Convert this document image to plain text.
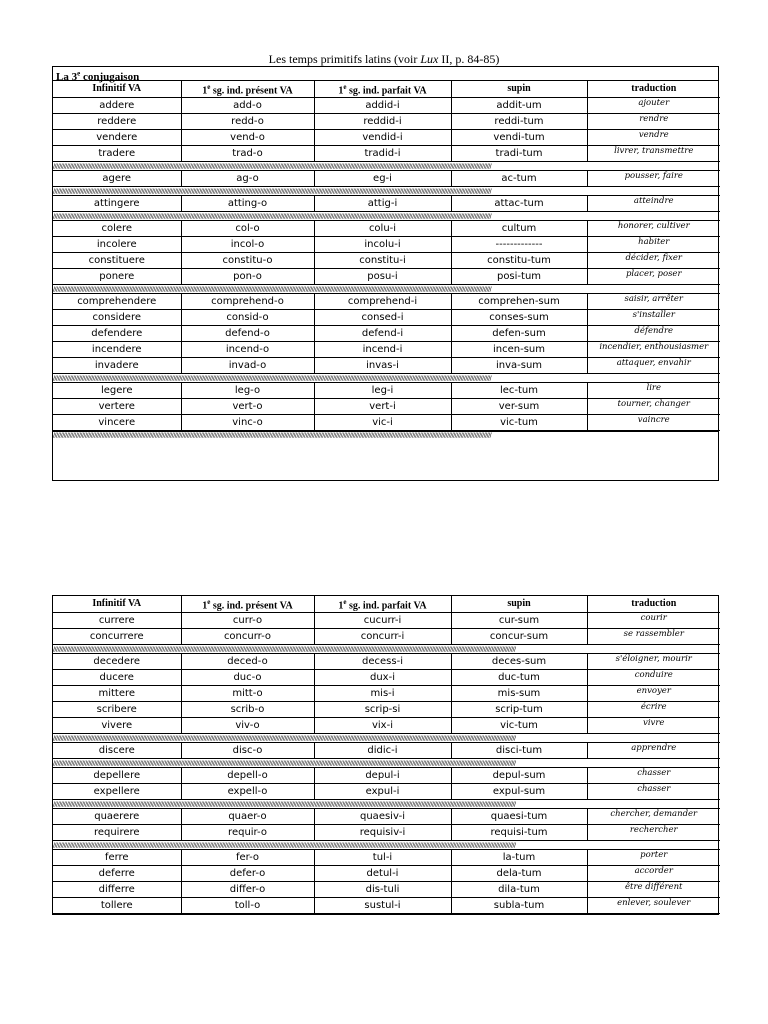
Les temps primitifs latins (voir Lux II, p. 84-85)
La 3e conjugaison
Infinitif VA	1e sg. ind. présent VA	1e sg. ind. parfait VA	supin	traduction
addere	add-o	addid-i	addit-um	ajouter
reddere	redd-o	reddid-i	reddi-tum	rendre
vendere	vend-o	vendid-i	vendi-tum	vendre
tradere	trad-o	tradid-i	tradi-tum	livrer, transmettre
////////////////////////////////////////////////////////////////////////////////////////////////////////////////////////////////////////////////////////////////////////////////////////////////////////////////////////////////////////////////////////////////////////////////////////////////				
agere	ag-o	eg-i	ac-tum	pousser, faire
////////////////////////////////////////////////////////////////////////////////////////////////////////////////////////////////////////////////////////////////////////////////////////////////////////////////////////////////////////////////////////////////////////////////////////////////				
attingere	atting-o	attig-i	attac-tum	atteindre
////////////////////////////////////////////////////////////////////////////////////////////////////////////////////////////////////////////////////////////////////////////////////////////////////////////////////////////////////////////////////////////////////////////////////////////////				
colere	col-o	colu-i	cultum	honorer, cultiver
incolere	incol-o	incolu-i	-------------	habiter
constituere	constitu-o	constitu-i	constitu-tum	décider, fixer
ponere	pon-o	posu-i	posi-tum	placer, poser
////////////////////////////////////////////////////////////////////////////////////////////////////////////////////////////////////////////////////////////////////////////////////////////////////////////////////////////////////////////////////////////////////////////////////////////////				
comprehendere	comprehend-o	comprehend-i	comprehen-sum	saisir, arrêter
considere	consid-o	consed-i	conses-sum	s'installer
defendere	defend-o	defend-i	defen-sum	défendre
incendere	incend-o	incend-i	incen-sum	incendier, enthousiasmer
invadere	invad-o	invas-i	inva-sum	attaquer, envahir
////////////////////////////////////////////////////////////////////////////////////////////////////////////////////////////////////////////////////////////////////////////////////////////////////////////////////////////////////////////////////////////////////////////////////////////////				
legere	leg-o	leg-i	lec-tum	lire
vertere	vert-o	vert-i	ver-sum	tourner, changer
vincere	vinc-o	vic-i	vic-tum	vaincre
////////////////////////////////////////////////////////////////////////////////////////////////////////////////////////////////////////////////////////////////////////////////////////////////////////////////////////////////////////////////////////////////////////////////////////////////
Infinitif VA	1e sg. ind. présent VA	1e sg. ind. parfait VA	supin	traduction
currere	curr-o	cucurr-i	cur-sum	courir
concurrere	concurr-o	concurr-i	concur-sum	se rassembler
////////////////////////////////////////////////////////////////////////////////////////////////////////////////////////////////////////////////////////////////////////////////////////////////////////////////////////////////////////////////////////////////////////////////////////////////////////////////				
decedere	deced-o	decess-i	deces-sum	s'éloigner, mourir
ducere	duc-o	dux-i	duc-tum	conduire
mittere	mitt-o	mis-i	mis-sum	envoyer
scribere	scrib-o	scrip-si	scrip-tum	écrire
vivere	viv-o	vix-i	vic-tum	vivre
////////////////////////////////////////////////////////////////////////////////////////////////////////////////////////////////////////////////////////////////////////////////////////////////////////////////////////////////////////////////////////////////////////////////////////////////////////////////				
discere	disc-o	didic-i	disci-tum	apprendre
////////////////////////////////////////////////////////////////////////////////////////////////////////////////////////////////////////////////////////////////////////////////////////////////////////////////////////////////////////////////////////////////////////////////////////////////////////////////				
depellere	depell-o	depul-i	depul-sum	chasser
expellere	expell-o	expul-i	expul-sum	chasser
////////////////////////////////////////////////////////////////////////////////////////////////////////////////////////////////////////////////////////////////////////////////////////////////////////////////////////////////////////////////////////////////////////////////////////////////////////////////				
quaerere	quaer-o	quaesiv-i	quaesi-tum	chercher, demander
requirere	requir-o	requisiv-i	requisi-tum	rechercher
////////////////////////////////////////////////////////////////////////////////////////////////////////////////////////////////////////////////////////////////////////////////////////////////////////////////////////////////////////////////////////////////////////////////////////////////////////////////				
ferre	fer-o	tul-i	la-tum	porter
deferre	defer-o	detul-i	dela-tum	accorder
differre	differ-o	dis-tuli	dila-tum	être différent
tollere	toll-o	sustul-i	subla-tum	enlever, soulever
